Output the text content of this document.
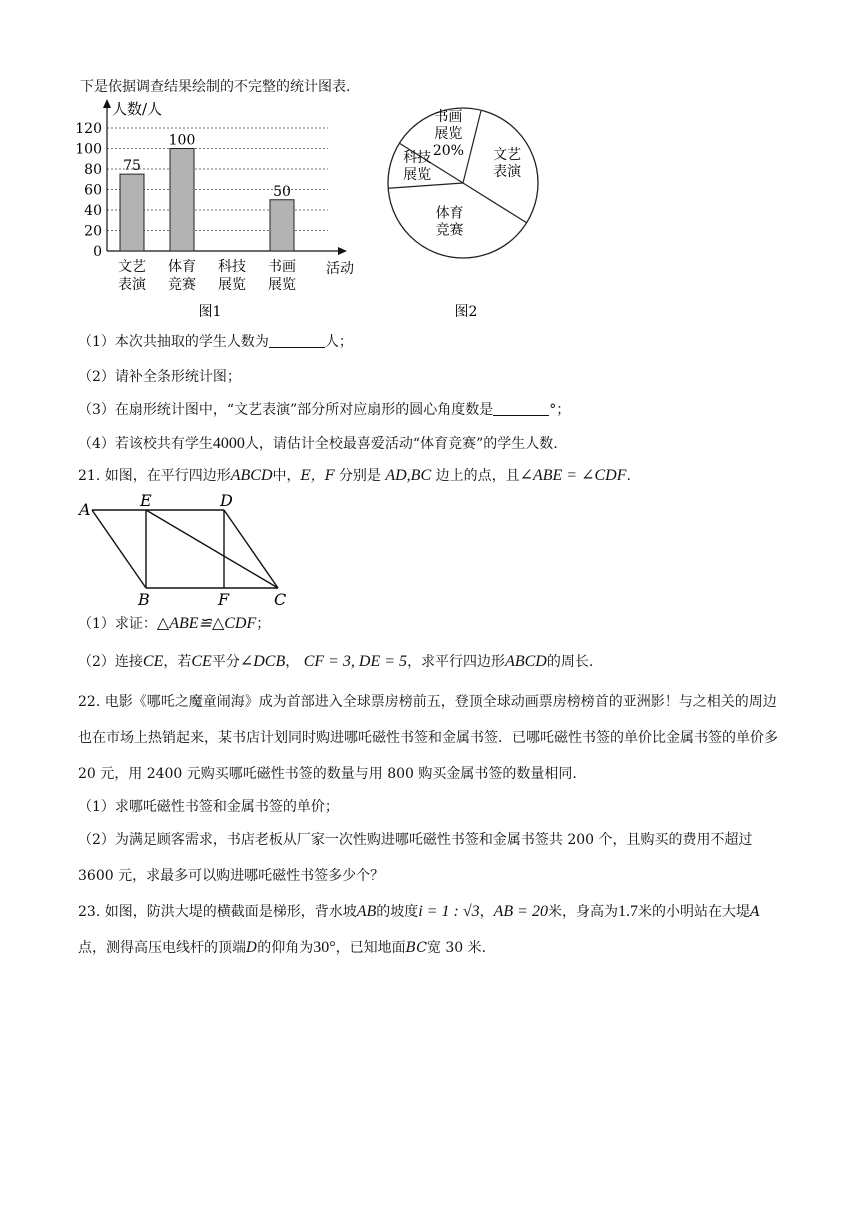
下是依据调查结果绘制的不完整的统计图表.
人数/人
活动
0
20
40
60
80
100
120
75
100
50
文艺
表演
体育
竞赛
科技
展览
书画
展览
图1
书画
展览
20% 文艺
表演
体育
竞赛
科技
展览
图2
（1）本次共抽取的学生人数为	人；
（2）请补全条形统计图；
（3）在扇形统计图中，“文艺表演”部分所对应扇形的圆心角度数是	°；
（4）若该校共有学生4000人，请估计全校最喜爱活动“体育竞赛”的学生人数.
21. 如图，在平行四边形ABCD中，E，F 分别是 AD,BC 边上的点，且∠ABE = ∠CDF.
A	E	D
B	F	C
（1）求证：△ABE≌△CDF；
（2）连接CE，若CE平分∠DCB， CF = 3, DE = 5，求平行四边形ABCD的周长.
22. 电影《哪吒之魔童闹海》成为首部进入全球票房榜前五，登顶全球动画票房榜榜首的亚洲影！与之相关的周边也在市场上热销起来，某书店计划同时购进哪吒磁性书签和金属书签．已哪吒磁性书签的单价比金属书签的单价多 20 元，用 2400 元购买哪吒磁性书签的数量与用 800 购买金属书签的数量相同.
（1）求哪吒磁性书签和金属书签的单价；
（2）为满足顾客需求，书店老板从厂家一次性购进哪吒磁性书签和金属书签共 200 个，且购买的费用不超过 3600 元，求最多可以购进哪吒磁性书签多少个？
23. 如图，防洪大堤的横截面是梯形，背水坡AB的坡度i = 1 : √3，AB = 20米，身高为1.7米的小明站在大堤A点，测得高压电线杆的顶端D的仰角为30°，已知地面BC宽 30 米.
